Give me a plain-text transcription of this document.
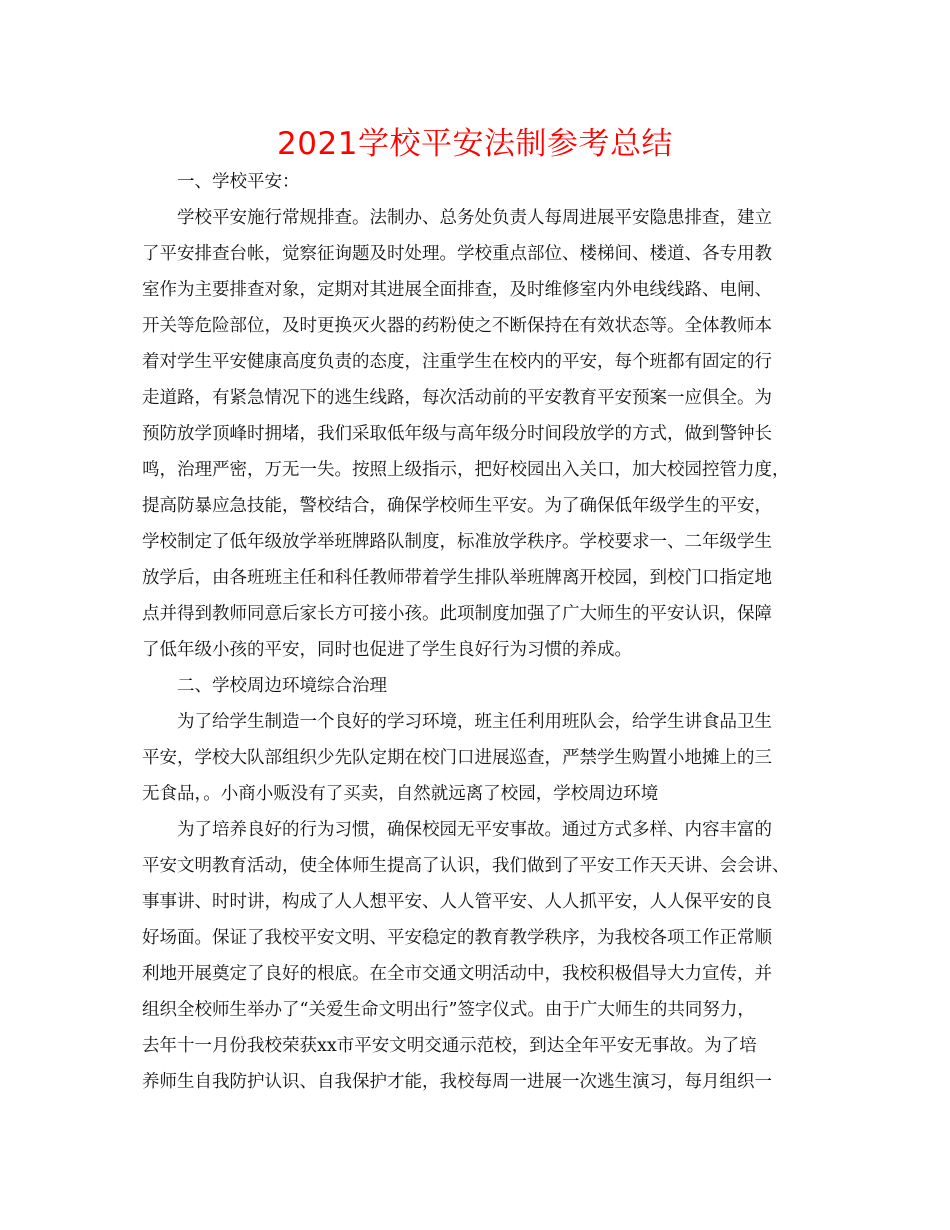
2021学校平安法制参考总结
一、学校平安：
学校平安施行常规排查。法制办、总务处负责人每周进展平安隐患排查，建立
了平安排查台帐，觉察征询题及时处理。学校重点部位、楼梯间、楼道、各专用教
室作为主要排查对象，定期对其进展全面排查，及时维修室内外电线线路、电闸、
开关等危险部位，及时更换灭火器的药粉使之不断保持在有效状态等。全体教师本
着对学生平安健康高度负责的态度，注重学生在校内的平安，每个班都有固定的行
走道路，有紧急情况下的逃生线路，每次活动前的平安教育平安预案一应俱全。为
预防放学顶峰时拥堵，我们采取低年级与高年级分时间段放学的方式，做到警钟长
鸣，治理严密，万无一失。按照上级指示，把好校园出入关口，加大校园控管力度，
提高防暴应急技能，警校结合，确保学校师生平安。为了确保低年级学生的平安，
学校制定了低年级放学举班牌路队制度，标准放学秩序。学校要求一、二年级学生
放学后，由各班班主任和科任教师带着学生排队举班牌离开校园，到校门口指定地
点并得到教师同意后家长方可接小孩。此项制度加强了广大师生的平安认识，保障
了低年级小孩的平安，同时也促进了学生良好行为习惯的养成。
二、学校周边环境综合治理
为了给学生制造一个良好的学习环境，班主任利用班队会，给学生讲食品卫生
平安，学校大队部组织少先队定期在校门口进展巡查，严禁学生购置小地摊上的三
无食品，。小商小贩没有了买卖，自然就远离了校园，学校周边环境
为了培养良好的行为习惯，确保校园无平安事故。通过方式多样、内容丰富的
平安文明教育活动，使全体师生提高了认识，我们做到了平安工作天天讲、会会讲、
事事讲、时时讲，构成了人人想平安、人人管平安、人人抓平安，人人保平安的良
好场面。保证了我校平安文明、平安稳定的教育教学秩序，为我校各项工作正常顺
利地开展奠定了良好的根底。在全市交通文明活动中，我校积极倡导大力宣传，并
组织全校师生举办了“关爱生命文明出行”签字仪式。由于广大师生的共同努力，
去年十一月份我校荣获xx市平安文明交通示范校，到达全年平安无事故。为了培
养师生自我防护认识、自我保护才能，我校每周一进展一次逃生演习，每月组织一
